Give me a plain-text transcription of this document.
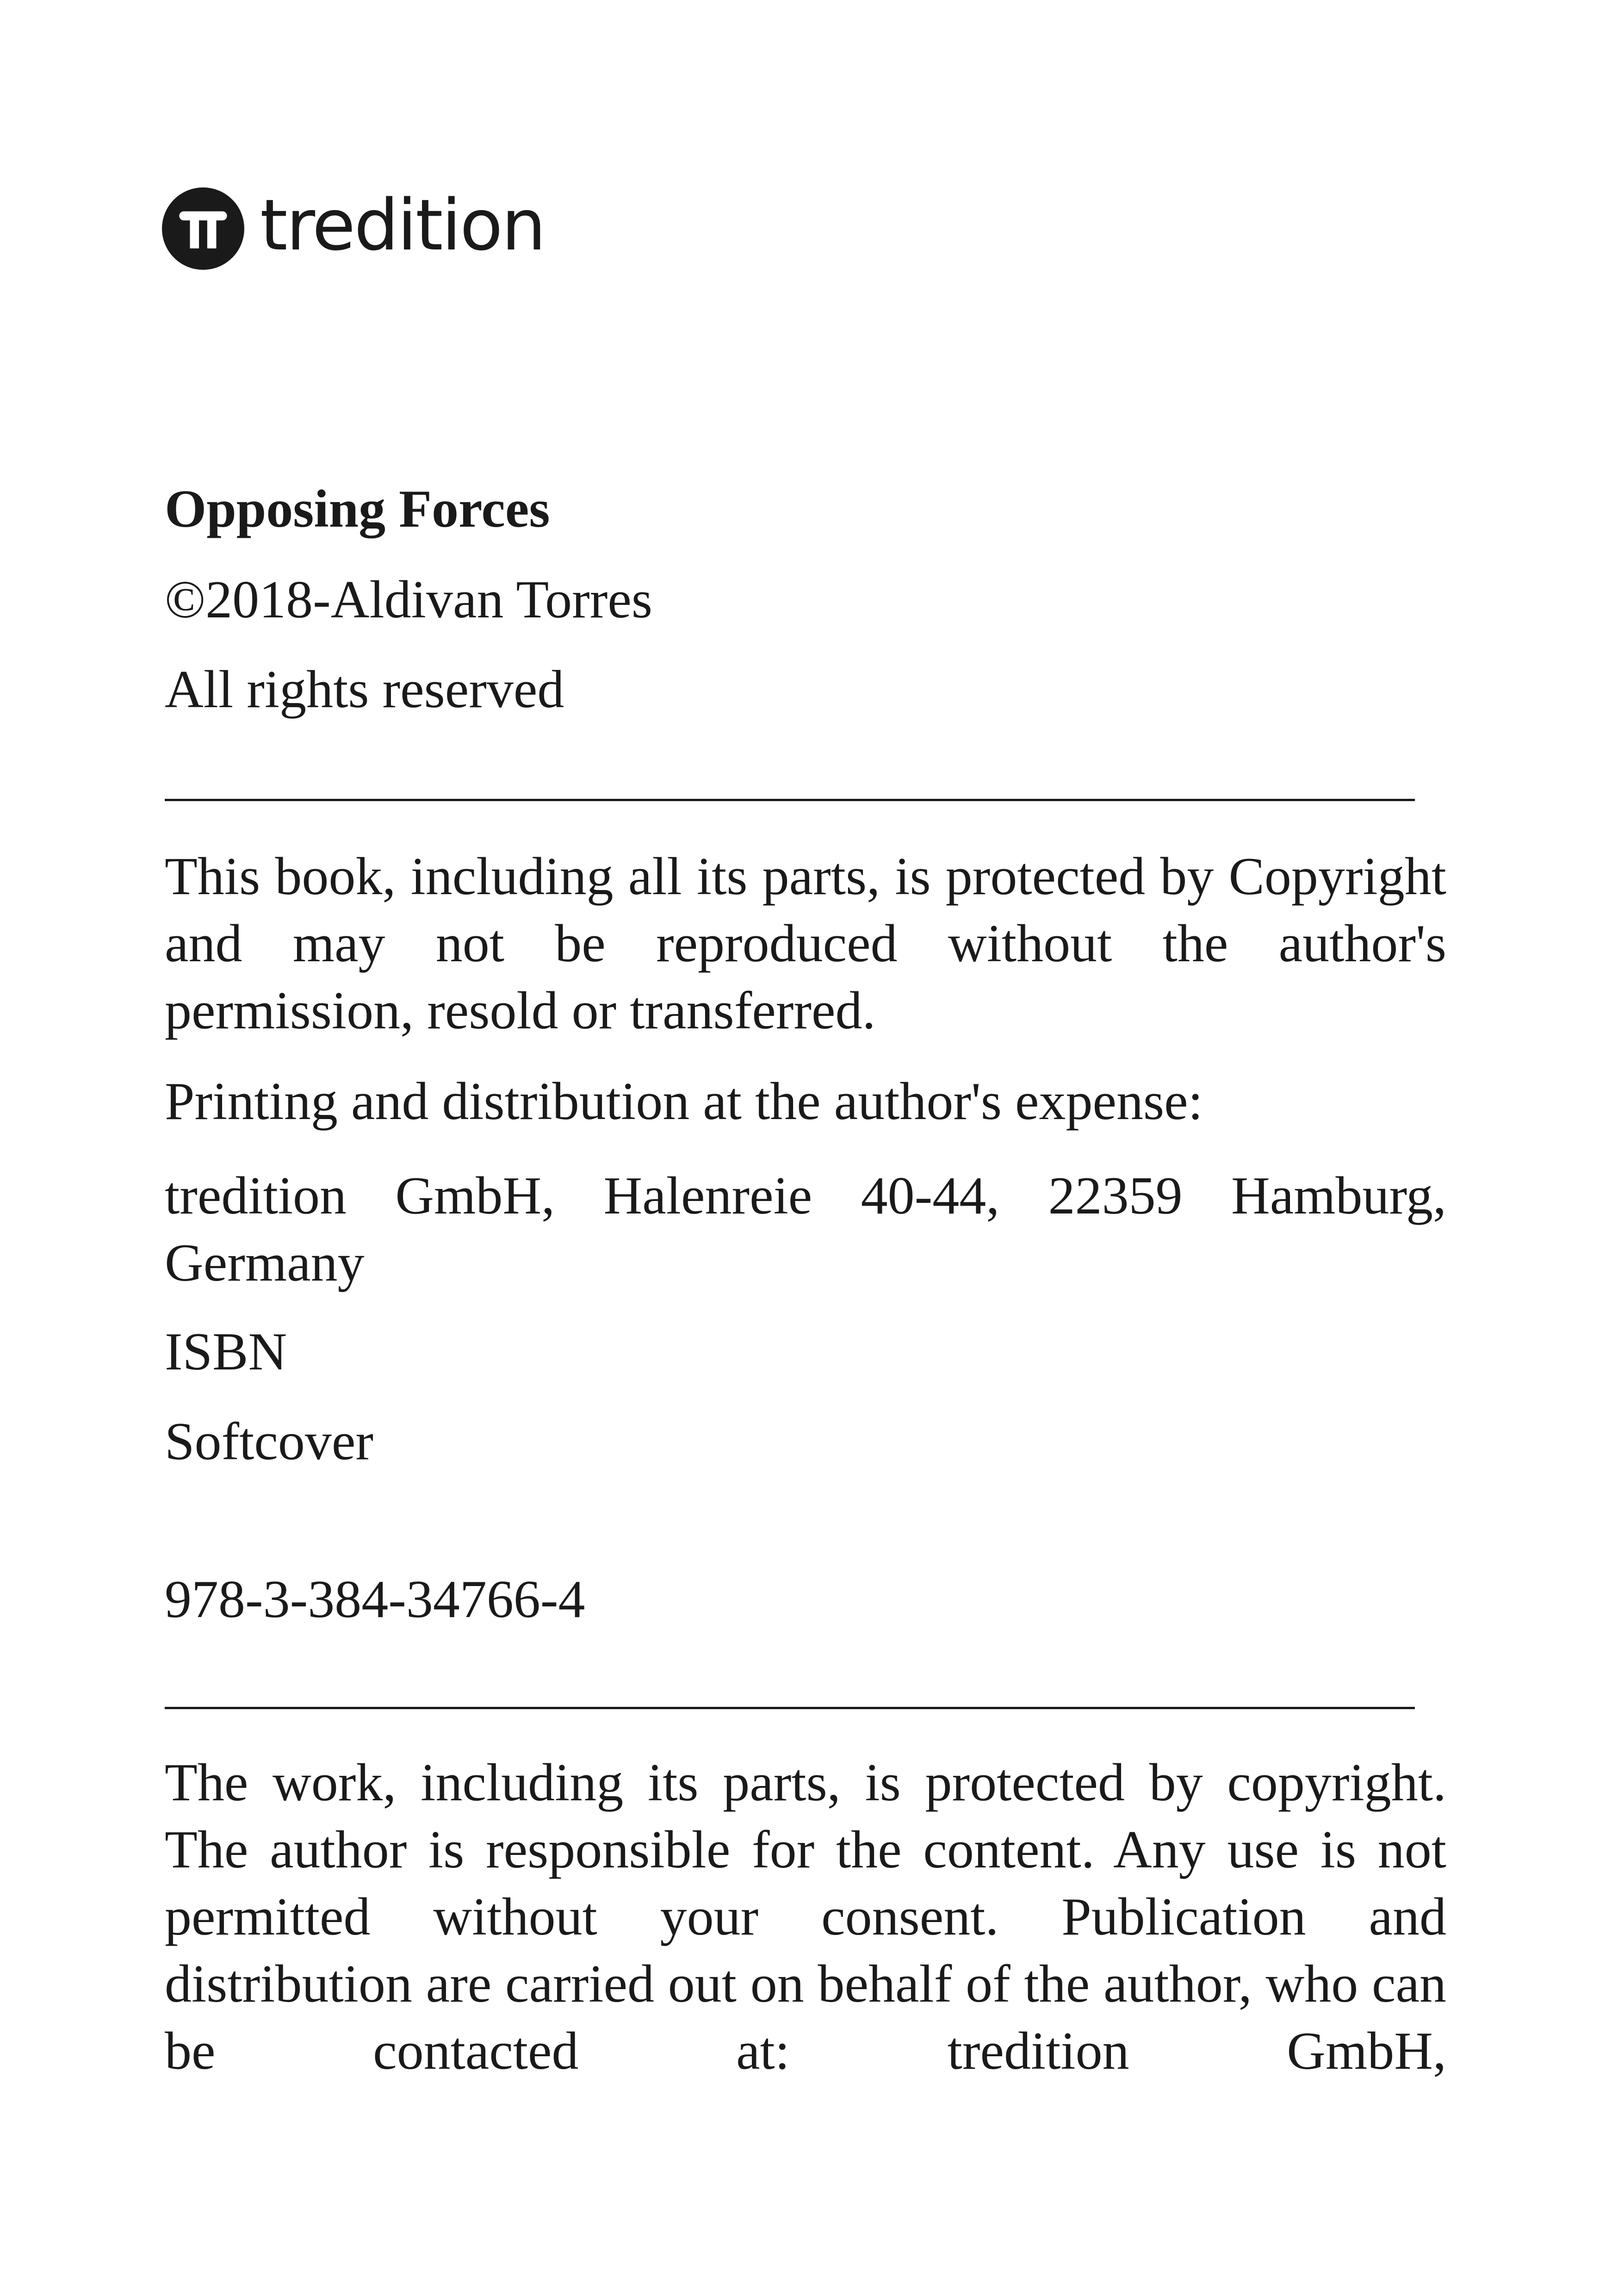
tredition
Opposing Forces
©2018-Aldivan Torres
All rights reserved
This book, including all its parts, is protected by Copyright and may not be reproduced without the author's permission, resold or transferred.
Printing and distribution at the author's expense:
tredition GmbH, Halenreie 40-44, 22359 Hamburg, Germany
ISBN
Softcover
978-3-384-34766-4
The work, including its parts, is protected by copyright. The author is responsible for the content. Any use is not permitted without your consent. Publication and distribution are carried out on behalf of the author, who can be contacted at: tredition GmbH,
